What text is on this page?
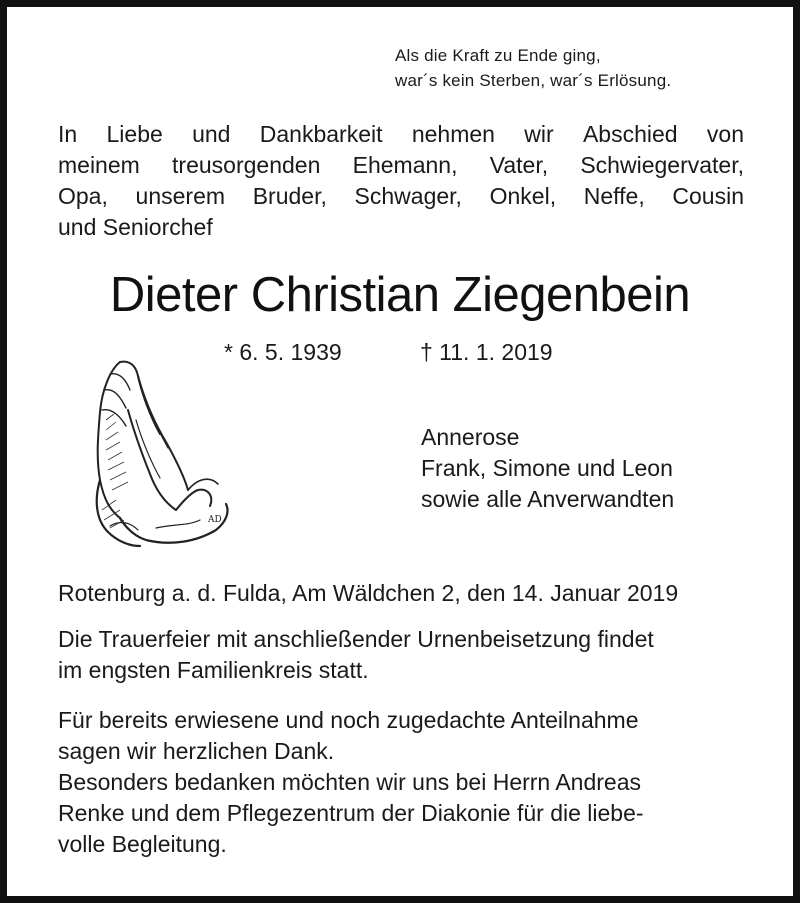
Als die Kraft zu Ende ging,
war´s kein Sterben, war´s Erlösung.
In Liebe und Dankbarkeit nehmen wir Abschied von
meinem treusorgenden Ehemann, Vater, Schwiegervater,
Opa, unserem Bruder, Schwager, Onkel, Neffe, Cousin
und Seniorchef
Dieter Christian Ziegenbein
* 6. 5. 1939	† 11. 1. 2019
AD
Annerose
Frank, Simone und Leon
sowie alle Anverwandten
Rotenburg a. d. Fulda, Am Wäldchen 2, den 14. Januar 2019
Die Trauerfeier mit anschließender Urnenbeisetzung findet
im engsten Familienkreis statt.
Für bereits erwiesene und noch zugedachte Anteilnahme
sagen wir herzlichen Dank.
Besonders bedanken möchten wir uns bei Herrn Andreas
Renke und dem Pflegezentrum der Diakonie für die liebe-
volle Begleitung.
